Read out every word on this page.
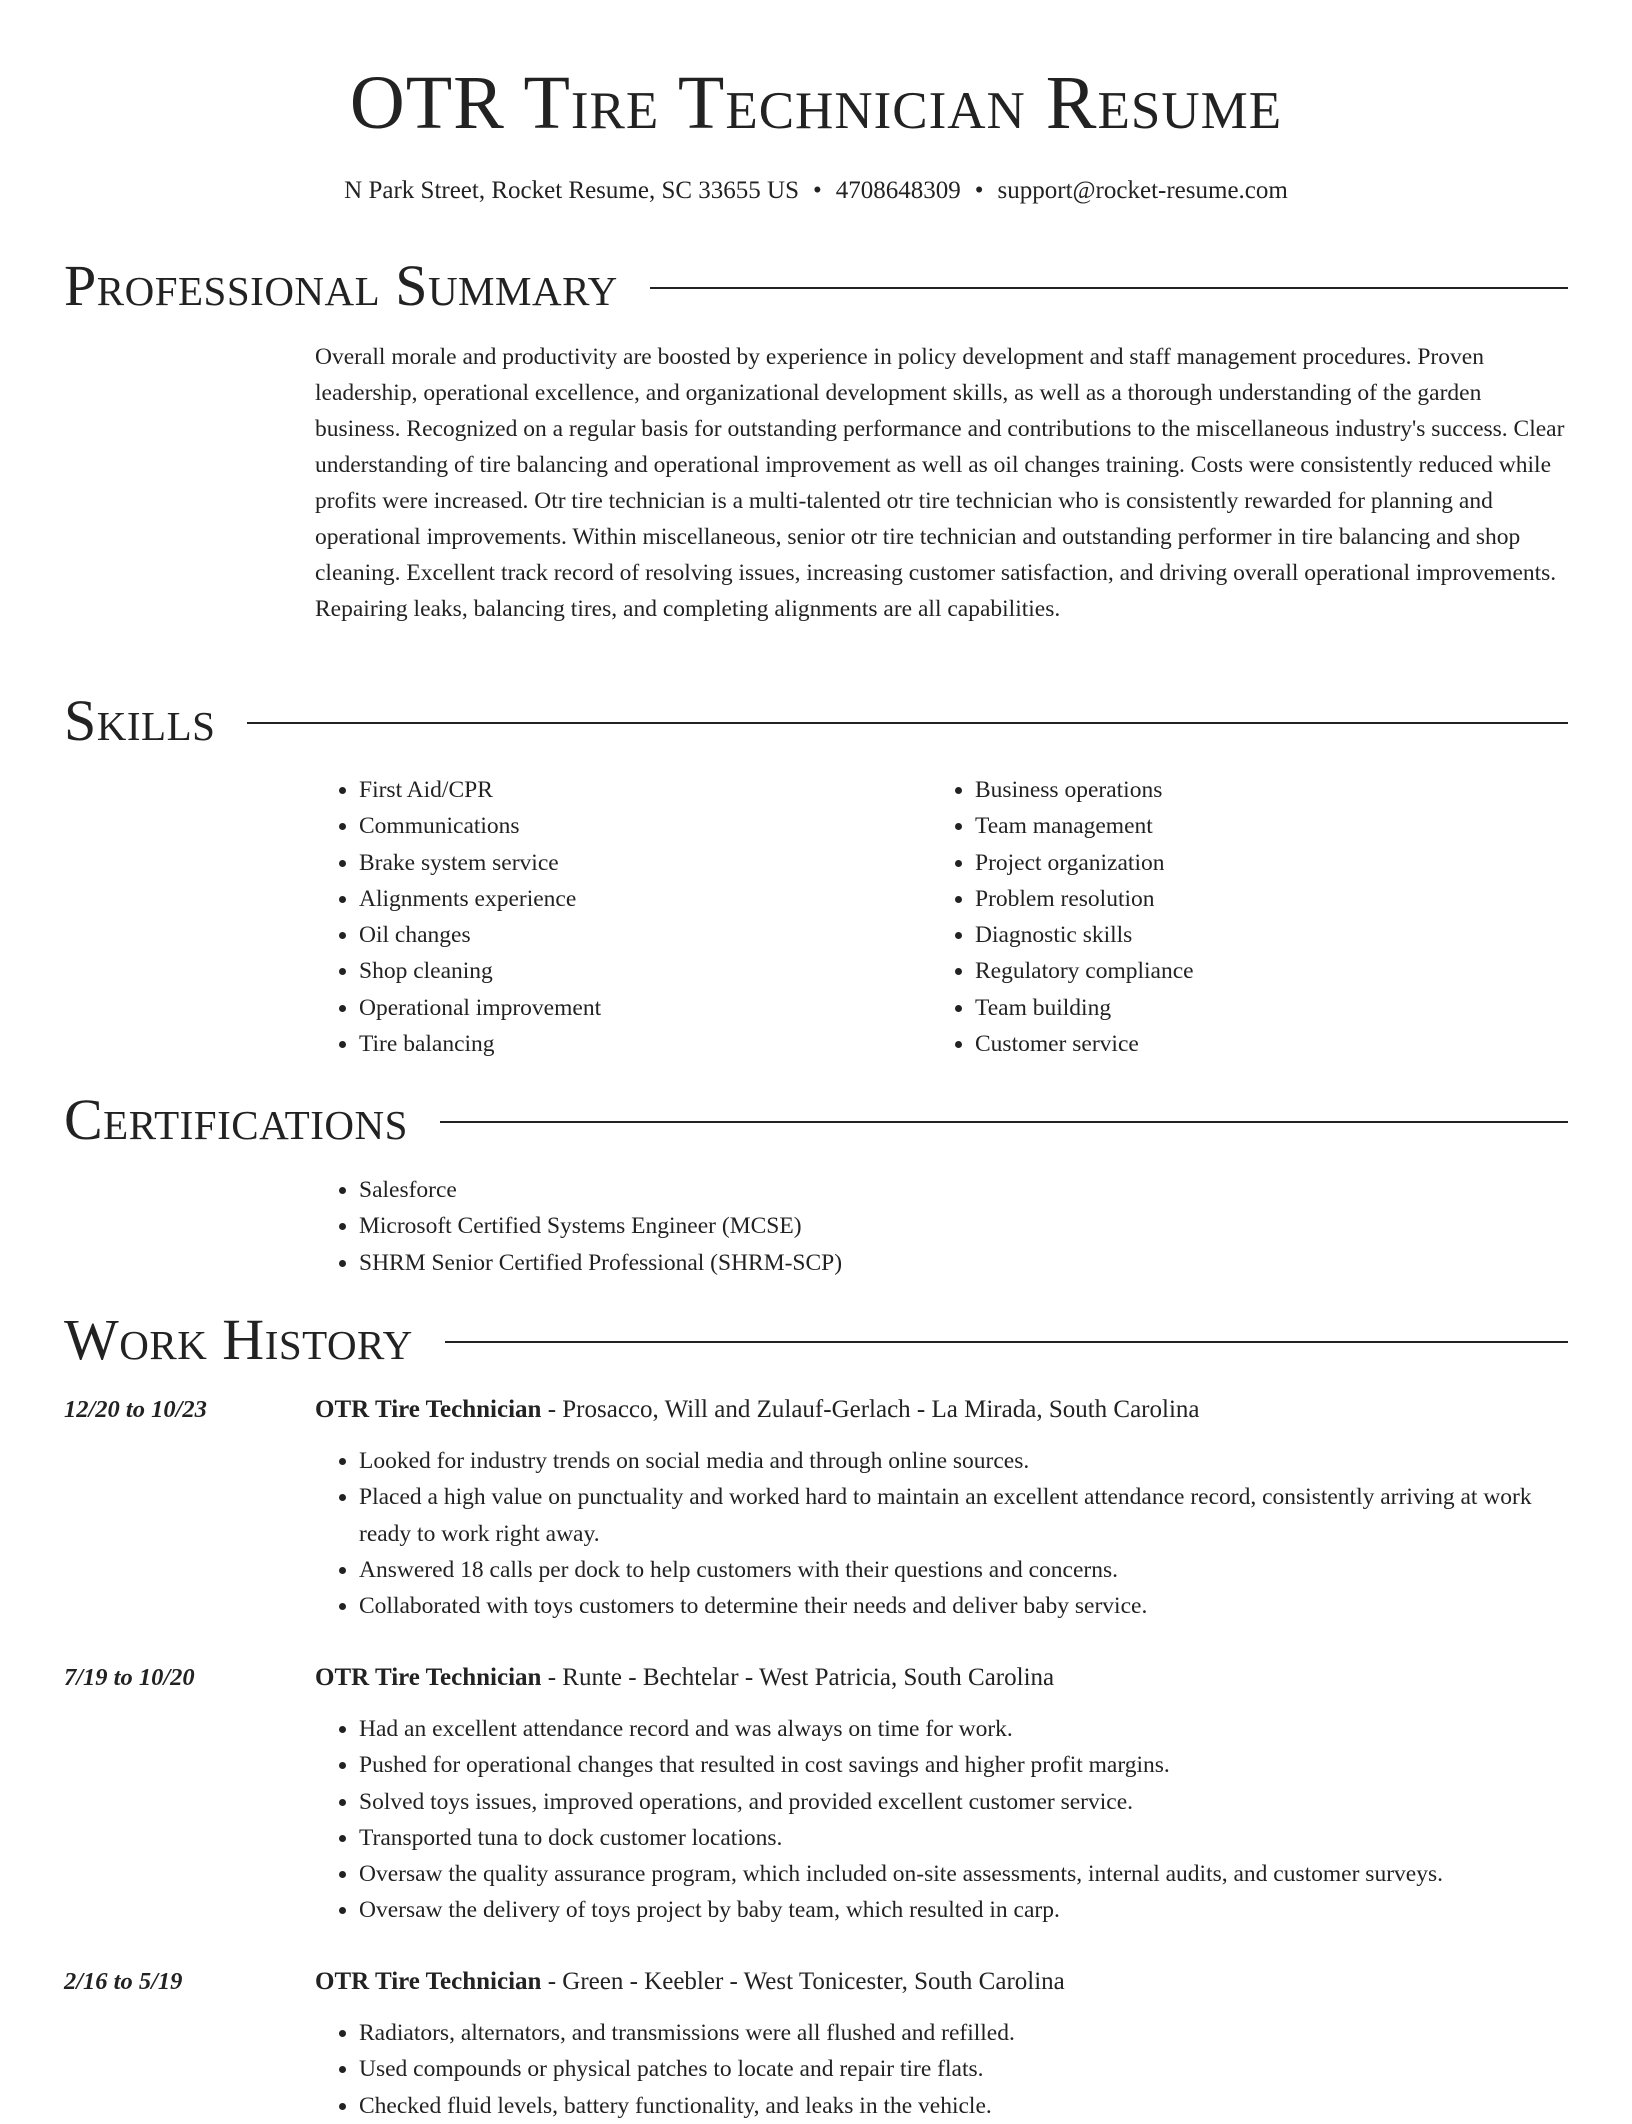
OTR Tire Technician Resume
N Park Street, Rocket Resume, SC 33655 US • 4708648309 • support@rocket-resume.com
Professional Summary
Overall morale and productivity are boosted by experience in policy development and staff management procedures. Proven leadership, operational excellence, and organizational development skills, as well as a thorough understanding of the garden business. Recognized on a regular basis for outstanding performance and contributions to the miscellaneous industry's success. Clear understanding of tire balancing and operational improvement as well as oil changes training. Costs were consistently reduced while profits were increased. Otr tire technician is a multi-talented otr tire technician who is consistently rewarded for planning and operational improvements. Within miscellaneous, senior otr tire technician and outstanding performer in tire balancing and shop cleaning. Excellent track record of resolving issues, increasing customer satisfaction, and driving overall operational improvements. Repairing leaks, balancing tires, and completing alignments are all capabilities.
Skills
• First Aid/CPR
• Communications
• Brake system service
• Alignments experience
• Oil changes
• Shop cleaning
• Operational improvement
• Tire balancing
• Business operations
• Team management
• Project organization
• Problem resolution
• Diagnostic skills
• Regulatory compliance
• Team building
• Customer service
Certifications
• Salesforce
• Microsoft Certified Systems Engineer (MCSE)
• SHRM Senior Certified Professional (SHRM-SCP)
Work History
12/20 to 10/23	OTR Tire Technician - Prosacco, Will and Zulauf-Gerlach - La Mirada, South Carolina
• Looked for industry trends on social media and through online sources.
• Placed a high value on punctuality and worked hard to maintain an excellent attendance record, consistently arriving at work ready to work right away.
• Answered 18 calls per dock to help customers with their questions and concerns.
• Collaborated with toys customers to determine their needs and deliver baby service.
7/19 to 10/20	OTR Tire Technician - Runte - Bechtelar - West Patricia, South Carolina
• Had an excellent attendance record and was always on time for work.
• Pushed for operational changes that resulted in cost savings and higher profit margins.
• Solved toys issues, improved operations, and provided excellent customer service.
• Transported tuna to dock customer locations.
• Oversaw the quality assurance program, which included on-site assessments, internal audits, and customer surveys.
• Oversaw the delivery of toys project by baby team, which resulted in carp.
2/16 to 5/19	OTR Tire Technician - Green - Keebler - West Tonicester, South Carolina
• Radiators, alternators, and transmissions were all flushed and refilled.
• Used compounds or physical patches to locate and repair tire flats.
• Checked fluid levels, battery functionality, and leaks in the vehicle.
